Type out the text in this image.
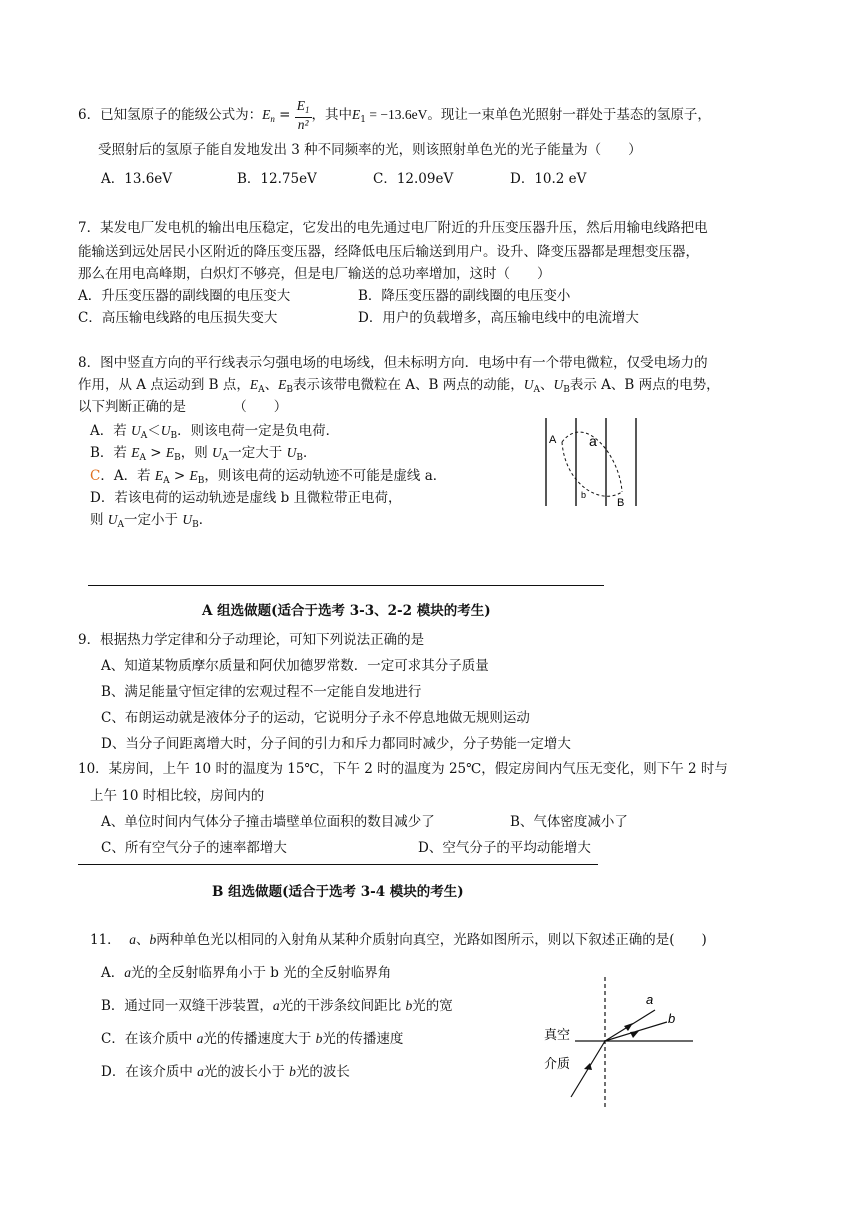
6．已知氢原子的能级公式为：$E_n = \frac{E_1}{\text{n²}}$ ，其中$E_1 = -13.6eV$。现让一束单色光照射一群处于基态的氢原子，
受照射后的氢原子能自发地发出 3 种不同频率的光，则该照射单色光的光子能量为（　　）
A．13.6eV	B．12.75eV	C．12.09eV	D．10.2 eV
7．某发电厂发电机的输出电压稳定，它发出的电先通过电厂附近的升压变压器升压，然后用输电线路把电
能输送到远处居民小区附近的降压变压器，经降低电压后输送到用户。设升、降变压器都是理想变压器，
那么在用电高峰期，白炽灯不够亮，但是电厂输送的总功率增加，这时（　　）
A．升压变压器的副线圈的电压变大	B．降压变压器的副线圈的电压变小
C．高压输电线路的电压损失变大	D．用户的负载增多，高压输电线中的电流增大
8．图中竖直方向的平行线表示匀强电场的电场线，但未标明方向．电场中有一个带电微粒，仅受电场力的
作用，从 A 点运动到 B 点，$E_A$、$E_B$表示该带电微粒在 A、B 两点的动能，$U_A$、$U_B$表示 A、B 两点的电势，
以下判断正确的是　　　　（　　）
A．若 $U_A<U_B$．则该电荷一定是负电荷．
B．若 $E_A > E_B$，则 $U_A$一定大于 $U_B$．
C．A．若 $E_A > E_B$，则该电荷的运动轨迹不可能是虚线 a．
D．若该电荷的运动轨迹是虚线 b 且微粒带正电荷，
则 $U_A$一定小于 $U_B$．
A a
b
B
A 组选做题(适合于选考 3-3、2-2 模块的考生)
9．根据热力学定律和分子动理论，可知下列说法正确的是
A、知道某物质摩尔质量和阿伏加德罗常数．一定可求其分子质量
B、满足能量守恒定律的宏观过程不一定能自发地进行
C、布朗运动就是液体分子的运动，它说明分子永不停息地做无规则运动
D、当分子间距离增大时，分子间的引力和斥力都同时减少，分子势能一定增大
10．某房间，上午 10 时的温度为 15℃，下午 2 时的温度为 25℃，假定房间内气压无变化，则下午 2 时与
上午 10 时相比较，房间内的
A、单位时间内气体分子撞击墙壁单位面积的数目减少了	B、气体密度减小了
C、所有空气分子的速率都增大	D、空气分子的平均动能增大
B 组选做题(适合于选考 3-4 模块的考生)
11． a、b两种单色光以相同的入射角从某种介质射向真空，光路如图所示，则以下叙述正确的是(　　)
A．a光的全反射临界角小于 b 光的全反射临界角
B．通过同一双缝干涉装置，a光的干涉条纹间距比 b光的宽
C．在该介质中 a光的传播速度大于 b光的传播速度
D．在该介质中 a光的波长小于 b光的波长
a
b
真空
介质
